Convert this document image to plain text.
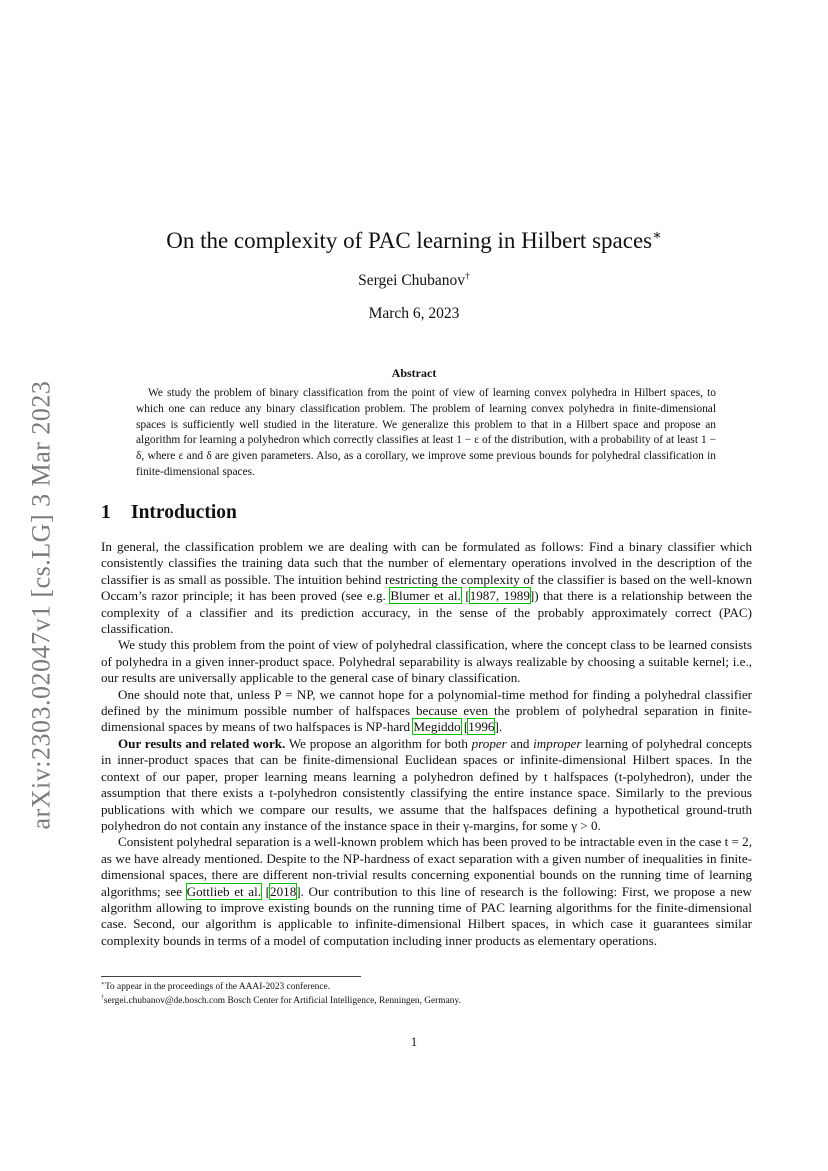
arXiv:2303.02047v1 [cs.LG] 3 Mar 2023
On the complexity of PAC learning in Hilbert spaces∗
Sergei Chubanov†
March 6, 2023
Abstract

We study the problem of binary classification from the point of view of learning convex polyhedra in Hilbert spaces, to which one can reduce any binary classification problem. The problem of learning convex polyhedra in finite-dimensional spaces is sufficiently well studied in the literature. We generalize this problem to that in a Hilbert space and propose an algorithm for learning a polyhedron which correctly classifies at least 1 − ε of the distribution, with a probability of at least 1 − δ, where ε and δ are given parameters. Also, as a corollary, we improve some previous bounds for polyhedral classification in finite-dimensional spaces.

1 Introduction

In general, the classification problem we are dealing with can be formulated as follows: Find a binary classifier which consistently classifies the training data such that the number of elementary operations involved in the description of the classifier is as small as possible. The intuition behind restricting the complexity of the classifier is based on the well-known Occam’s razor principle; it has been proved (see e.g. Blumer et al. [1987, 1989]) that there is a relationship between the complexity of a classifier and its prediction accuracy, in the sense of the probably approximately correct (PAC) classification.

We study this problem from the point of view of polyhedral classification, where the concept class to be learned consists of polyhedra in a given inner-product space. Polyhedral separability is always realizable by choosing a suitable kernel; i.e., our results are universally applicable to the general case of binary classification.

One should note that, unless P = NP, we cannot hope for a polynomial-time method for finding a polyhedral classifier defined by the minimum possible number of halfspaces because even the problem of polyhedral separation in finite-dimensional spaces by means of two halfspaces is NP-hard Megiddo [1996].

Our results and related work. We propose an algorithm for both proper and improper learning of polyhedral concepts in inner-product spaces that can be finite-dimensional Euclidean spaces or infinite-dimensional Hilbert spaces. In the context of our paper, proper learning means learning a polyhedron defined by t halfspaces (t-polyhedron), under the assumption that there exists a t-polyhedron consistently classifying the entire instance space. Similarly to the previous publications with which we compare our results, we assume that the halfspaces defining a hypothetical ground-truth polyhedron do not contain any instance of the instance space in their γ-margins, for some γ > 0.

Consistent polyhedral separation is a well-known problem which has been proved to be intractable even in the case t = 2, as we have already mentioned. Despite to the NP-hardness of exact separation with a given number of inequalities in finite-dimensional spaces, there are different non-trivial results concerning exponential bounds on the running time of learning algorithms; see Gottlieb et al. [2018]. Our contribution to this line of research is the following: First, we propose a new algorithm allowing to improve existing bounds on the running time of PAC learning algorithms for the finite-dimensional case. Second, our algorithm is applicable to infinite-dimensional Hilbert spaces, in which case it guarantees similar complexity bounds in terms of a model of computation including inner products as elementary operations.

∗To appear in the proceedings of the AAAI-2023 conference.
†sergei.chubanov@de.bosch.com Bosch Center for Artificial Intelligence, Renningen, Germany.
1
